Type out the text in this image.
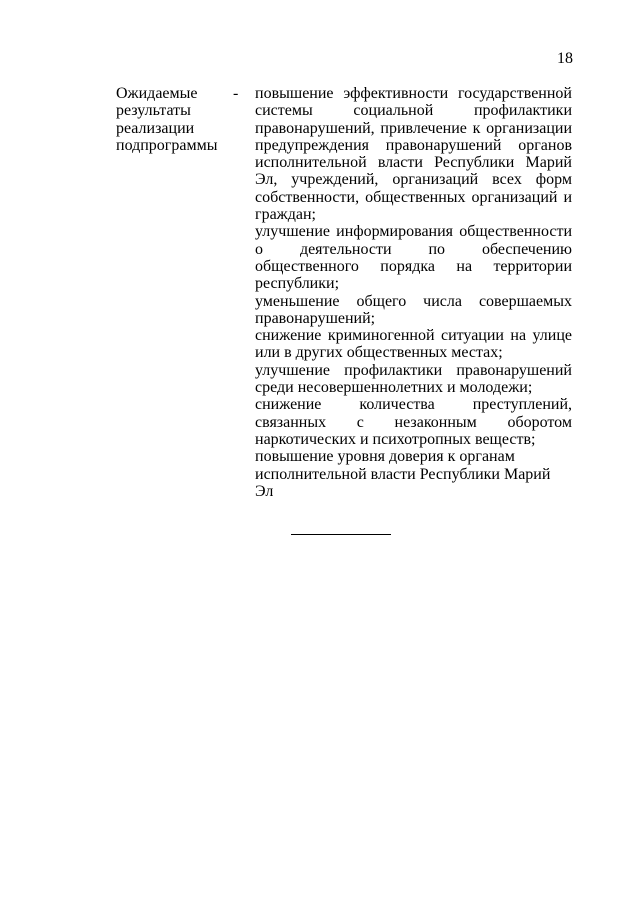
18
Ожидаемые
результаты
реализации
подпрограммы
- повышение эффективности государственной системы социальной профилактики правонарушений, привлечение к организации предупреждения правонарушений органов исполнительной власти Республики Марий Эл, учреждений, организаций всех форм собственности, общественных организаций и граждан;

улучшение информирования общественности о деятельности по обеспечению общественного порядка на территории республики;

уменьшение общего числа совершаемых правонарушений;

снижение криминогенной ситуации на улице или в других общественных местах;

улучшение профилактики правонарушений среди несовершеннолетних и молодежи;

снижение количества преступлений, связанных с незаконным оборотом наркотических и психотропных веществ;

повышение уровня доверия к органам исполнительной власти Республики Марий Эл
